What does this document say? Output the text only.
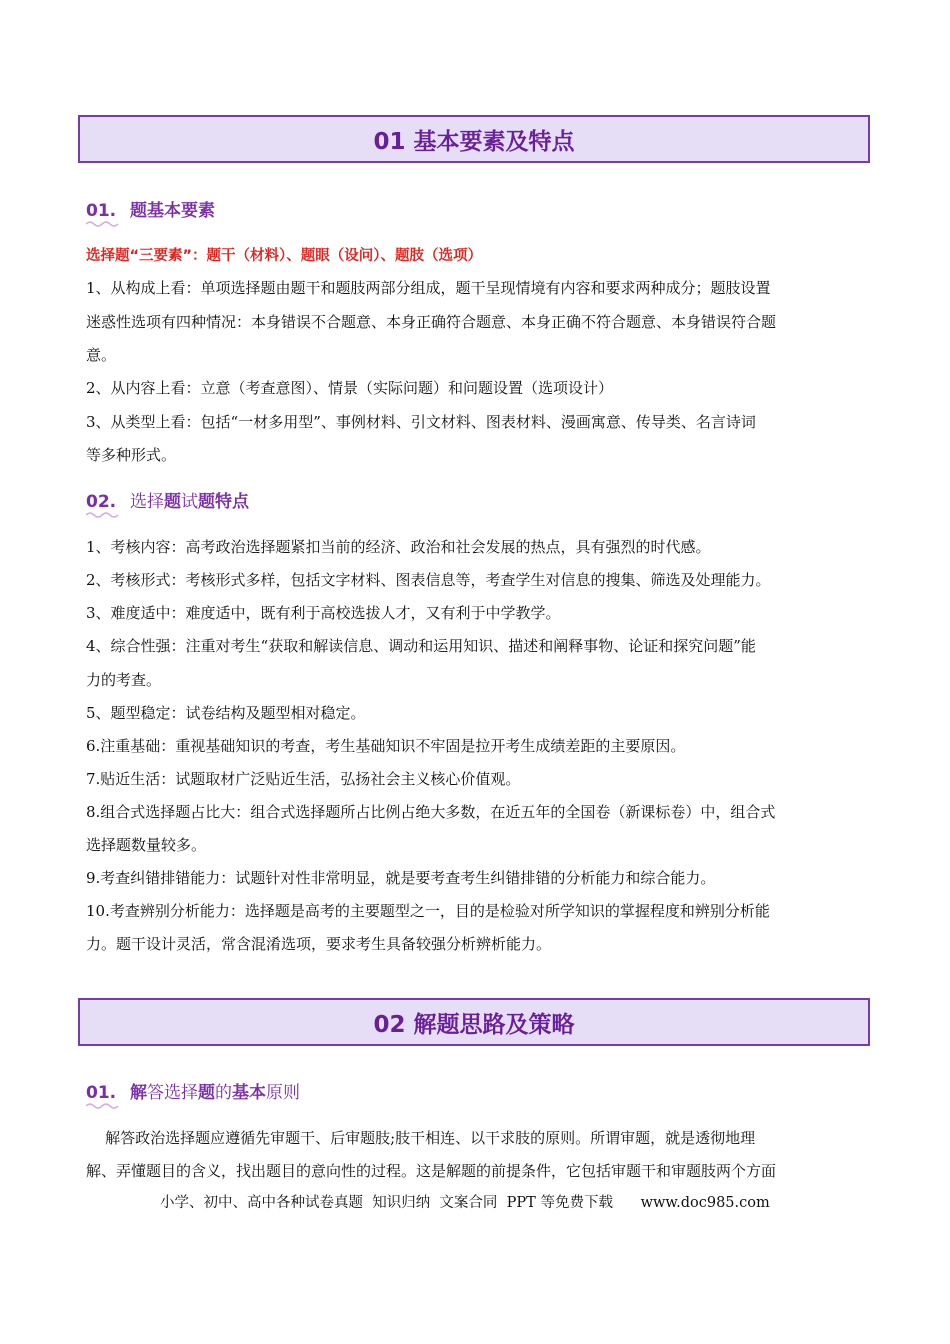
01 基本要素及特点
01. 题基本要素
选择题“三要素”：题干（材料）、题眼（设问）、题肢（选项）
1、从构成上看：单项选择题由题干和题肢两部分组成，题干呈现情境有内容和要求两种成分；题肢设置
迷惑性选项有四种情况：本身错误不合题意、本身正确符合题意、本身正确不符合题意、本身错误符合题
意。
2、从内容上看：立意（考查意图）、情景（实际问题）和问题设置（选项设计）
3、从类型上看：包括“一材多用型”、事例材料、引文材料、图表材料、漫画寓意、传导类、名言诗词
等多种形式。
02. 选择题试题特点
1、考核内容：高考政治选择题紧扣当前的经济、政治和社会发展的热点，具有强烈的时代感。
2、考核形式：考核形式多样，包括文字材料、图表信息等，考查学生对信息的搜集、筛选及处理能力。
3、难度适中：难度适中，既有利于高校选拔人才，又有利于中学教学。
4、综合性强：注重对考生“获取和解读信息、调动和运用知识、描述和阐释事物、论证和探究问题”能
力的考查。
5、题型稳定：试卷结构及题型相对稳定。
6.注重基础：重视基础知识的考查，考生基础知识不牢固是拉开考生成绩差距的主要原因。
7.贴近生活：试题取材广泛贴近生活，弘扬社会主义核心价值观。
8.组合式选择题占比大：组合式选择题所占比例占绝大多数，在近五年的全国卷（新课标卷）中，组合式
选择题数量较多。
9.考查纠错排错能力：试题针对性非常明显，就是要考查考生纠错排错的分析能力和综合能力。
10.考查辨别分析能力：选择题是高考的主要题型之一，目的是检验对所学知识的掌握程度和辨别分析能
力。题干设计灵活，常含混淆选项，要求考生具备较强分析辨析能力。
02 解题思路及策略
01. 解答选择题的基本原则
解答政治选择题应遵循先审题干、后审题肢;肢干相连、以干求肢的原则。所谓审题，就是透彻地理
解、弄懂题目的含义，找出题目的意向性的过程。这是解题的前提条件，它包括审题干和审题肢两个方面
小学、初中、高中各种试卷真题  知识归纳  文案合同  PPT 等免费下载      www.doc985.com
